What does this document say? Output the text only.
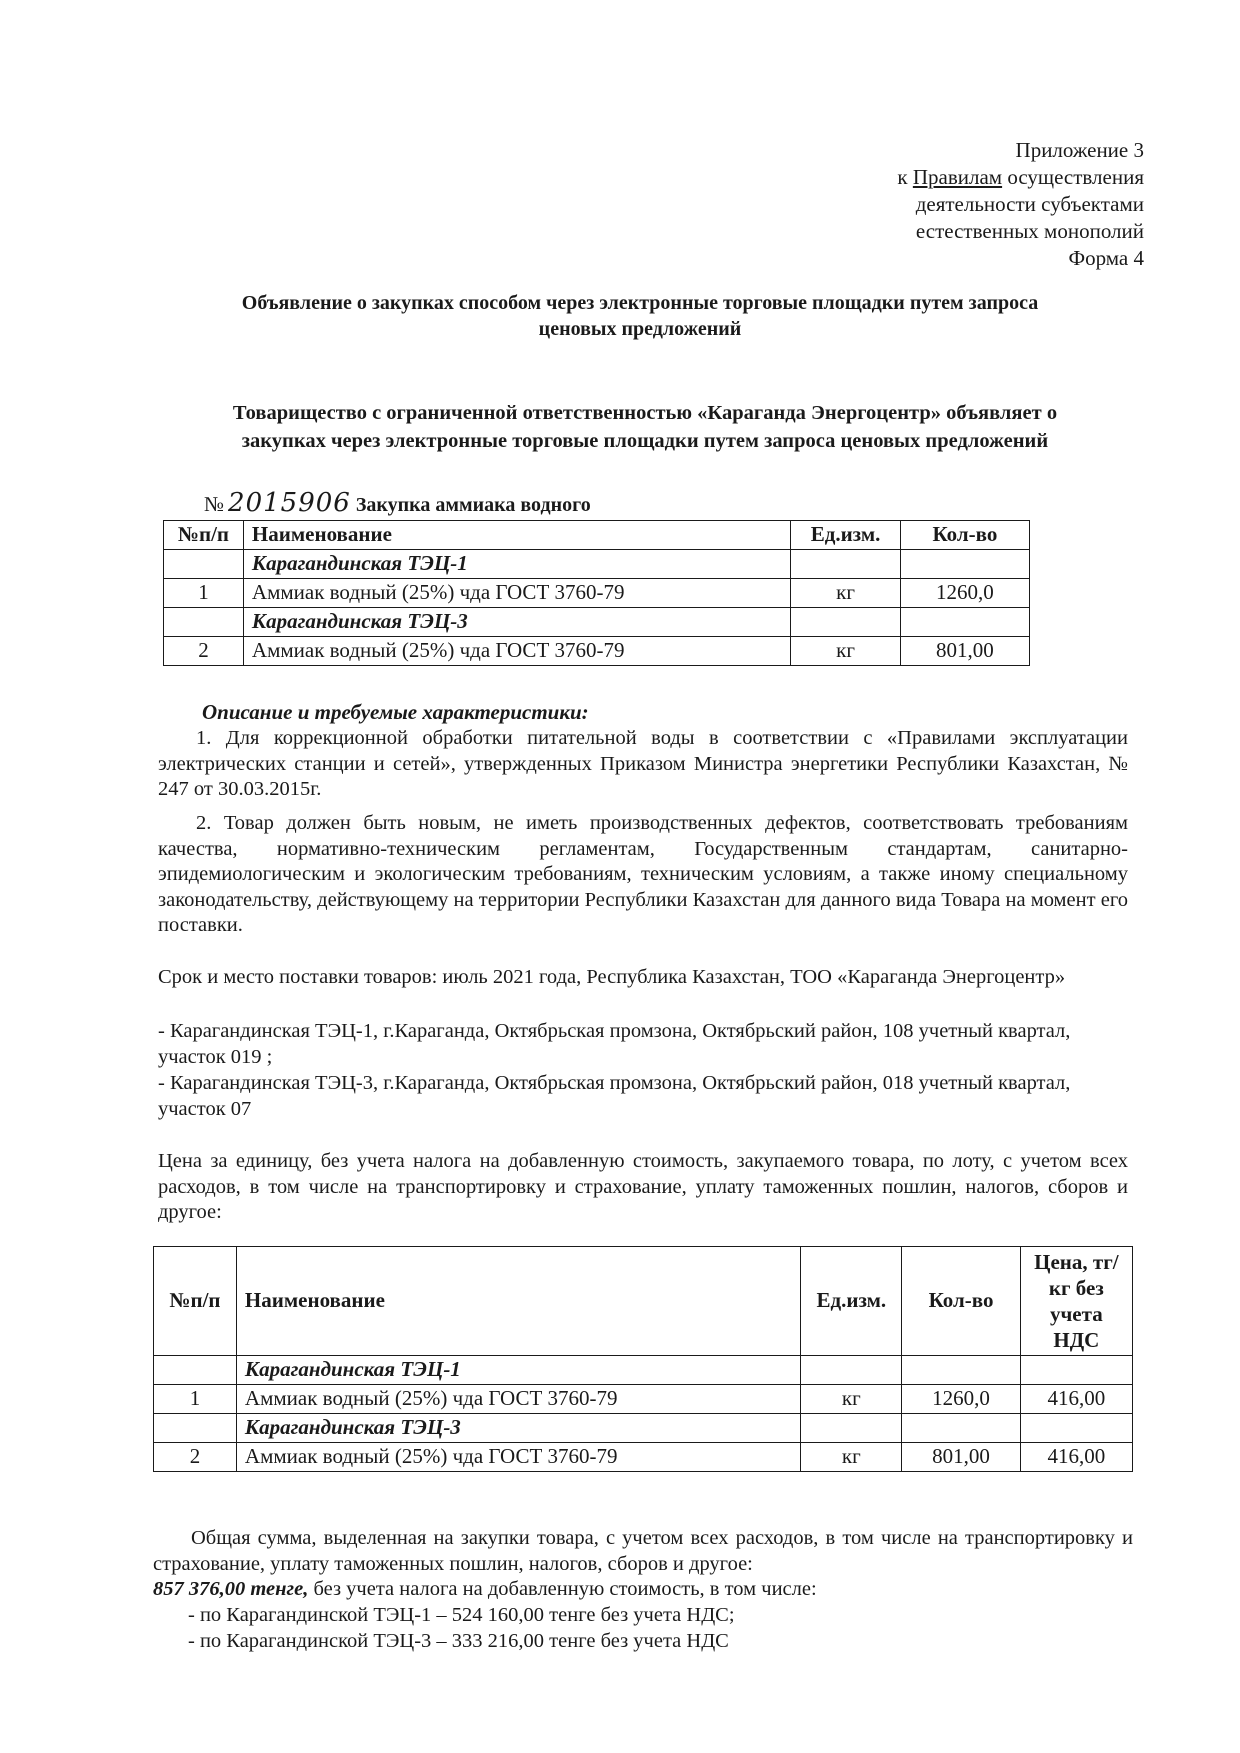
Приложение 3
к Правилам осуществления
деятельности субъектами
естественных монополий
Форма 4
Объявление о закупках способом через электронные торговые площадки путем запроса
ценовых предложений
Товарищество с ограниченной ответственностью «Караганда Энергоцентр» объявляет о
закупках через электронные торговые площадки путем запроса ценовых предложений
№ 2015906 Закупка аммиака водного
№п/п	Наименование	Ед.изм.	Кол-во
	Карагандинская ТЭЦ-1		
1	Аммиак водный (25%) чда ГОСТ 3760-79	кг	1260,0
	Карагандинская ТЭЦ-3		
2	Аммиак водный (25%) чда ГОСТ 3760-79	кг	801,00
Описание и требуемые характеристики:
1. Для коррекционной обработки питательной воды в соответствии с «Правилами эксплуатации электрических станции и сетей», утвержденных Приказом Министра энергетики Республики Казахстан, № 247 от 30.03.2015г.
2. Товар должен быть новым, не иметь производственных дефектов, соответствовать требованиям качества, нормативно-техническим регламентам, Государственным стандартам, санитарно-эпидемиологическим и экологическим требованиям, техническим условиям, а также иному специальному законодательству, действующему на территории Республики Казахстан для данного вида Товара на момент его поставки.
Срок и место поставки товаров: июль 2021 года, Республика Казахстан, ТОО «Караганда Энергоцентр»
- Карагандинская ТЭЦ-1, г.Караганда, Октябрьская промзона, Октябрьский район, 108 учетный квартал, участок 019 ;
- Карагандинская ТЭЦ-3, г.Караганда, Октябрьская промзона, Октябрьский район, 018 учетный квартал, участок 07
Цена за единицу, без учета налога на добавленную стоимость, закупаемого товара, по лоту, с учетом всех расходов, в том числе на транспортировку и страхование, уплату таможенных пошлин, налогов, сборов и другое:
№п/п	Наименование	Ед.изм.	Кол-во	Цена, тг/кг без учета НДС
	Карагандинская ТЭЦ-1			
1	Аммиак водный (25%) чда ГОСТ 3760-79	кг	1260,0	416,00
	Карагандинская ТЭЦ-3			
2	Аммиак водный (25%) чда ГОСТ 3760-79	кг	801,00	416,00
Общая сумма, выделенная на закупки товара, с учетом всех расходов, в том числе на транспортировку и страхование, уплату таможенных пошлин, налогов, сборов и другое:
857 376,00 тенге, без учета налога на добавленную стоимость, в том числе:
- по Карагандинской ТЭЦ-1 – 524 160,00 тенге без учета НДС;
- по Карагандинской ТЭЦ-3 – 333 216,00 тенге без учета НДС
